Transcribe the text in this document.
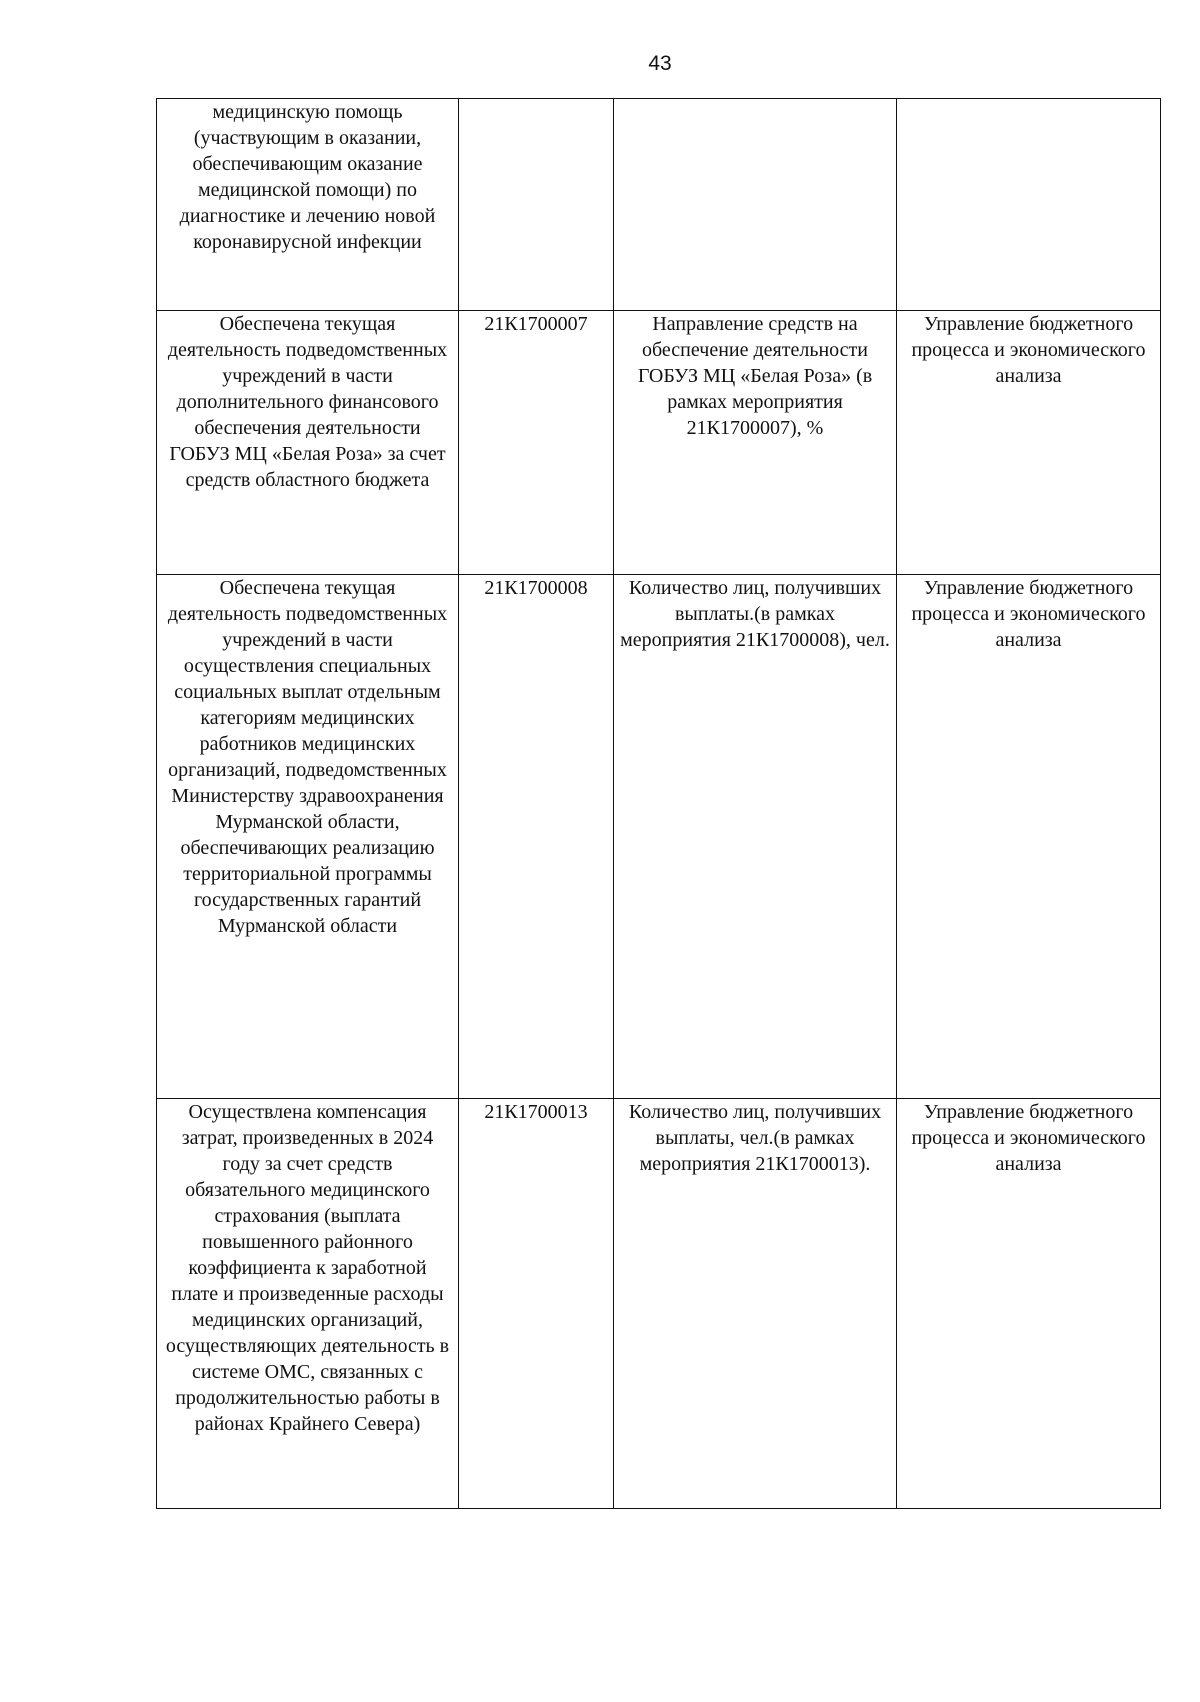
43
медицинскую помощь (участвующим в оказании, обеспечивающим оказание медицинской помощи) по диагностике и лечению новой коронавирусной инфекции			

Обеспечена текущая деятельность подведомственных учреждений в части дополнительного финансового обеспечения деятельности ГОБУЗ МЦ «Белая Роза» за счет средств областного бюджета	21К1700007	Направление средств на обеспечение деятельности ГОБУЗ МЦ «Белая Роза» (в рамках мероприятия 21К1700007), %	Управление бюджетного процесса и экономического анализа

Обеспечена текущая деятельность подведомственных учреждений в части осуществления специальных социальных выплат отдельным категориям медицинских работников медицинских организаций, подведомственных Министерству здравоохранения Мурманской области, обеспечивающих реализацию территориальной программы государственных гарантий Мурманской области	21К1700008	Количество лиц, получивших выплаты.(в рамках мероприятия 21К1700008), чел.	Управление бюджетного процесса и экономического анализа

Осуществлена компенсация затрат, произведенных в 2024 году за счет средств обязательного медицинского страхования (выплата повышенного районного коэффициента к заработной плате и произведенные расходы медицинских организаций, осуществляющих деятельность в системе ОМС, связанных с продолжительностью работы в районах Крайнего Севера)	21К1700013	Количество лиц, получивших выплаты, чел.(в рамках мероприятия 21К1700013).	Управление бюджетного процесса и экономического анализа
